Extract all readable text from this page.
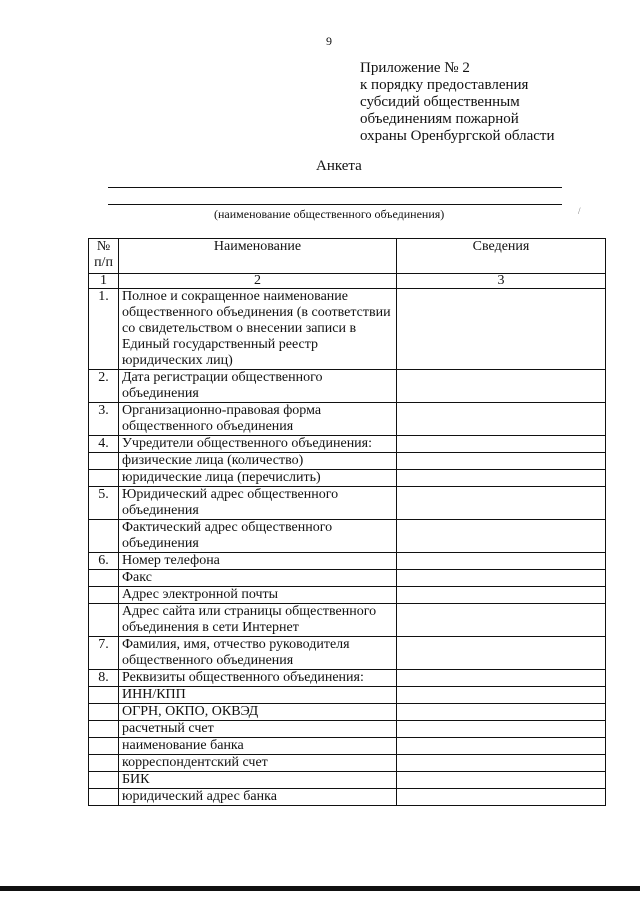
9
Приложение № 2
к порядку предоставления
субсидий общественным
объединениям пожарной
охраны Оренбургской области
Анкета
(наименование общественного объединения)	/
№ п/п	Наименование	Сведения
1	2	3
1.	Полное и сокращенное наименование общественного объединения (в соответствии со свидетельством о внесении записи в Единый государственный реестр юридических лиц)	
2.	Дата регистрации общественного объединения	
3.	Организационно-правовая форма общественного объединения	
4.	Учредители общественного объединения:	
	физические лица (количество)	
	юридические лица (перечислить)	
5.	Юридический адрес общественного объединения	
	Фактический адрес общественного объединения	
6.	Номер телефона	
	Факс	
	Адрес электронной почты	
	Адрес сайта или страницы общественного объединения в сети Интернет	
7.	Фамилия, имя, отчество руководителя общественного объединения	
8.	Реквизиты общественного объединения:	
	ИНН/КПП	
	ОГРН, ОКПО, ОКВЭД	
	расчетный счет	
	наименование банка	
	корреспондентский счет	
	БИК	
	юридический адрес банка	
